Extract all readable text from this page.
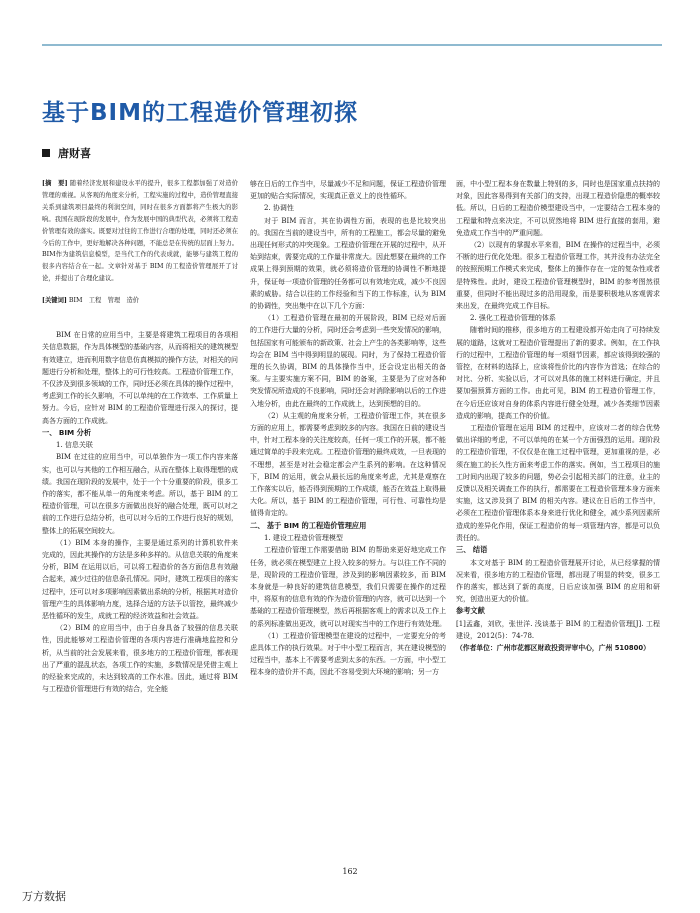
基于BIM的工程造价管理初探
唐财喜

[摘　要] 随着经济发展和建设水平的提升，很多工程都加强了对造价管理的重视。从客观的角度来分析，工程实施的过程中，造价管理直接关系到建筑项目最终的利润空间，同时在很多方面都将产生极大的影响。我国在现阶段的发展中，作为发展中国的典型代表，必须将工程造价管理有效的落实。既要对过往的工作进行合理的处理，同时还必须在今后的工作中，更好地解决各种问题，不能总是在传统的层面上努力。BIM作为建筑信息模型，是当代工作的代表成就，能够与建筑工程的很多内容结合在一起。文章针对基于 BIM 的工程造价管理展开了讨论，并提出了合理化建议。

[关键词] BIM　工程　管理　造价

BIM 在日常的应用当中，主要是将建筑工程项目的各项相关信息数据，作为具体模型的基础内容，从而将相关的建筑模型有效建立，进而利用数字信息仿真模拟的操作方法，对相关的问题进行分析和处理，整体上的可行性较高。工程造价管理工作，不仅涉及到很多领域的工作，同时还必须在具体的操作过程中，考虑到工作的长久影响，不可以单纯的在工作效率、工作质量上努力。今后，应针对 BIM 的工程造价管理进行深入的探讨，提高各方面的工作成就。

一、 BIM 分析

1. 信息关联

BIM 在过往的应用当中，可以单独作为一项工作内容来落实，也可以与其他的工作相互融合，从而在整体上取得理想的成绩。我国在现阶段的发展中，处于一个十分重要的阶段，很多工作的落实，都不能从单一的角度来考虑。所以，基于 BIM 的工程造价管理，可以在很多方面做出良好的融合处理，既可以对之前的工作进行总结分析，也可以对今后的工作进行良好的规划，整体上的拓展空间较大。

（1）BIM 本身的操作，主要是通过系列的计算机软件来完成的，因此其操作的方法是多种多样的。从信息关联的角度来分析，BIM 在运用以后，可以将工程造价的各方面信息有效融合起来，减少过往的信息条孔情况。同时，建筑工程项目的落实过程中，还可以对多项影响因素做出系统的分析，根据其对造价管理产生的具体影响力度，选择合适的方法予以管控，最终减少恶性循环的发生，成就工程的经济效益和社会效益。

（2）BIM 的应用当中，由于自身具备了较强的信息关联性，因此能够对工程造价管理的各项内容进行准确地监控和分析，从当前的社会发展来看，很多地方的工程造价管理，都表现出了严重的混乱状态，各项工作的实施，多数情况是凭借主观上的经验来完成的，未达到较高的工作水准。因此，通过将 BIM 与工程造价管理进行有效的结合，完全能

够在日后的工作当中，尽量减少不足和问题，保证工程造价管理更加的贴合实际情况，实现真正意义上的良性循环。

2. 协调性

对于 BIM 而言，其在协调性方面，表现的也是比较突出的。我国在当前的建设当中，所有的工程施工，都会尽量的避免出现任何形式的冲突现象。工程造价管理在开展的过程中，从开始到结束，需要完成的工作量非常庞大。因此想要在最终的工作成果上得到预期的效果，就必须将造价管理的协调性不断地提升，保证每一项造价管理的任务都可以有效地完成，减少不良因素的威胁。结合以往的工作经验和当下的工作标准，认为 BIM 的协调性，突出集中在以下几个方面：

（1）工程造价管理在最初的开展阶段，BIM 已经对后面的工作进行大量的分析，同时还会考虑到一些突发情况的影响，包括国家有可能颁布的新政策、社会上产生的各类影响等，这些均会在 BIM 当中得到明显的展现。同时，为了保持工程造价管理的长久协调，BIM 的具体操作当中，还会设定出相关的备案。与主要实施方案不同，BIM 的备案，主要是为了应对各种突发情况所造成的不良影响，同时还会对消除影响以后的工作进入地分析，由此在最终的工作成就上，达到预想的目的。

（2）从主观的角度来分析，工程造价管理工作，其在很多方面的应用上，都需要考虑到较多的内容。我国在日前的建设当中，针对工程本身的关注度较高，任何一项工作的开展，都不能通过简单的手段来完成。工程造价管理的最终成效，一旦表现的不理想，甚至是对社会稳定都会产生系列的影响。在这种情况下，BIM 的运用，就会从最长远的角度来考虑，尤其是观察在工作落实以后，能否得到预期的工作成绩，能否在效益上取得最大化。所以，基于 BIM 的工程造价管理，可行性、可靠性均是值得肯定的。

二、 基于 BIM 的工程造价管理应用

1. 建设工程造价管理模型

工程造价管理工作需要借助 BIM 的帮助来更好地完成工作任务，就必须在模型建立上投入较多的努力。与以往工作不同的是，现阶段的工程造价管理，涉及到的影响因素较多，而 BIM 本身就是一种良好的建筑信息模型，我们只需要在操作的过程中，将原有的信息有效的作为造价管理的内容，就可以达到一个基础的工程造价管理模型，然后再根据客观上的需求以及工作上的系列标准做出更改，就可以对现实当中的工作进行有效处理。

（1）工程造价管理模型在建设的过程中，一定要充分的考虑具体工作的执行效果。对于中小型工程而言，其在建设模型的过程当中，基本上不需要考虑到太多的东西。一方面，中小型工程本身的造价并不高，因此不容易受到大环境的影响；另一方

面，中小型工程本身在数量上特别的多，同时也是国家重点扶持的对象，因此容易得到有关部门的支持，出现工程造价隐患的概率较低。所以，日后的工程造价模型建设当中，一定要结合工程本身的工程量和特点来决定，不可以贸然地将 BIM 进行直接的套用，避免造成工作当中的严重问题。

（2）以现有的掌握水平来看，BIM 在操作的过程当中，必须不断的进行优化处理。很多工程造价管理工作，其并没有办法完全的按照预期工作模式来完成，整体上的操作存在一定的复杂性或者是特殊性。此时，建设工程造价管理模型时，BIM 的参考图然很重要，但同时不能出现过多的沿用现象，而是要积极地从客观需求来出发，在最终完成工作目标。

2. 强化工程造价管理的体系

随着时间的推移，很多地方的工程建设都开始走向了可持续发展的道路，这就对工程造价管理提出了新的要求。例如，在工作执行的过程中，工程造价管理的每一项细节因素，都应该得到较强的管控，在材料的选择上，应该将性价比的内容作为首选；在综合的对比、分析、实验以后，才可以对具体的施工材料进行确定，并且要加强预算方面的工作。由此可见，BIM 的工程造价管理工作，在今后还应该对自身的体系内容进行健全处理，减少各类细节因素造成的影响，提高工作的价值。

工程造价管理在运用 BIM 的过程中，应该对二者的综合优势做出详细的考虑，不可以单纯的在某一个方面强烈的运用。现阶段的工程造价管理，不仅仅是在施工过程中管理，更加重视的是，必须在施工的长久性方面来考虑工作的落实。例如，当工程项目的施工时间内出现了较多的问题，势必会引起相关部门的注意，业主的反馈以及相关调查工作的执行，都需要在工程造价管理本身方面来实施，这又涉及到了 BIM 的相关内容。建议在日后的工作当中，必须在工程造价管理体系本身来进行优化和健全，减少系列因素所造成的差异化作用，保证工程造价的每一项管理内容，都是可以负责任的。

三、 结语

本文对基于 BIM 的工程造价管理展开讨论，从已经掌握的情况来看，很多地方的工程造价管理，都出现了明显的转变，很多工作的落实，都达到了新的高度，日后应该加强 BIM 的应用和研究，创造出更大的价值。

参考文献

[1]孟鑫，刘欣，张世洋. 浅谈基于 BIM 的工程造价管理[J]. 工程建设，2012(5)：74-78.

（作者单位：广州市花都区财政投资评审中心，广州 510800）

162
万方数据
